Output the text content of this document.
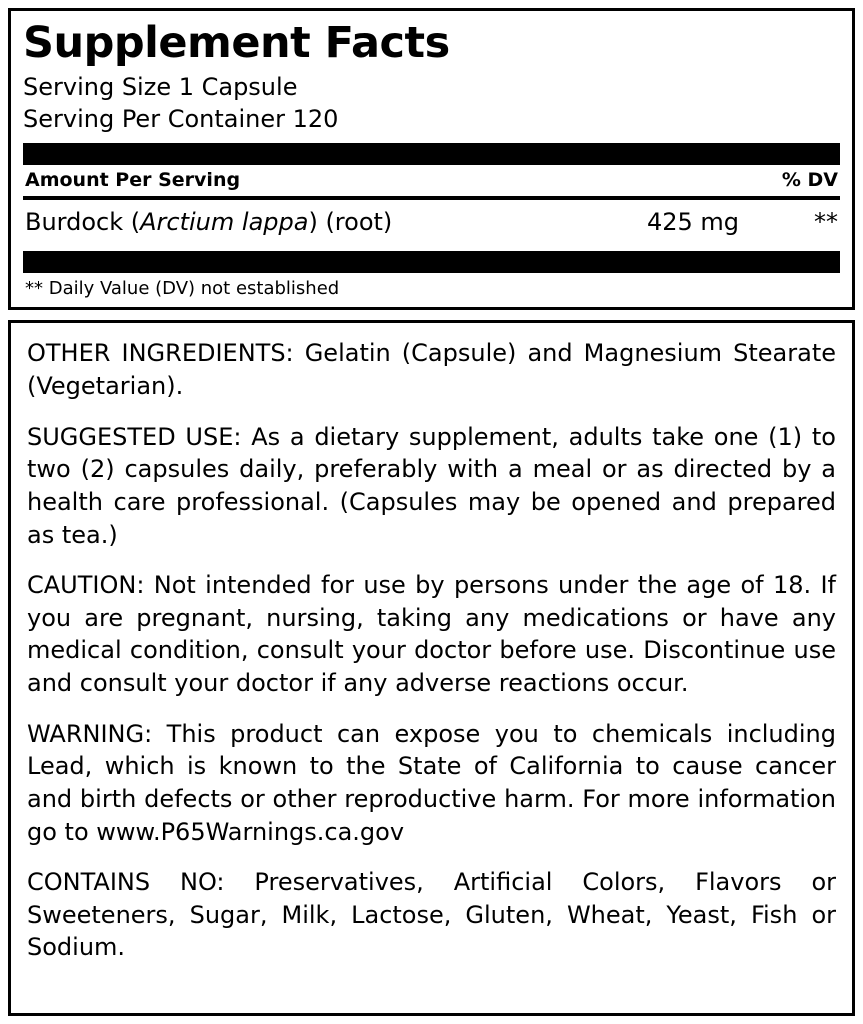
Supplement Facts
Serving Size 1 Capsule
Serving Per Container 120
Amount Per Serving	% DV
Burdock (Arctium lappa) (root)	425 mg	**
** Daily Value (DV) not established

OTHER INGREDIENTS: Gelatin (Capsule) and Magnesium Stearate (Vegetarian).

SUGGESTED USE: As a dietary supplement, adults take one (1) to two (2) capsules daily, preferably with a meal or as directed by a health care professional. (Capsules may be opened and prepared as tea.)

CAUTION: Not intended for use by persons under the age of 18. If you are pregnant, nursing, taking any medications or have any medical condition, consult your doctor before use. Discontinue use and consult your doctor if any adverse reactions occur.

WARNING: This product can expose you to chemicals including Lead, which is known to the State of California to cause cancer and birth defects or other reproductive harm. For more information go to www.P65Warnings.ca.gov

CONTAINS NO: Preservatives, Artificial Colors, Flavors or Sweeteners, Sugar, Milk, Lactose, Gluten, Wheat, Yeast, Fish or Sodium.
